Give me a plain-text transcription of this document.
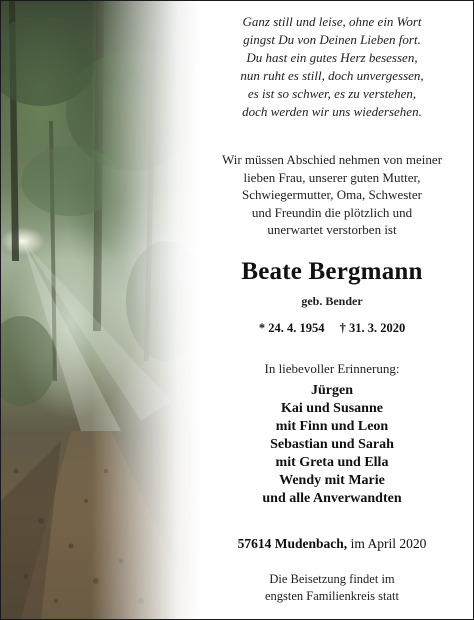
Ganz still und leise, ohne ein Wort
gingst Du von Deinen Lieben fort.
Du hast ein gutes Herz besessen,
nun ruht es still, doch unvergessen,
es ist so schwer, es zu verstehen,
doch werden wir uns wiedersehen.
Wir müssen Abschied nehmen von meiner
lieben Frau, unserer guten Mutter,
Schwiegermutter, Oma, Schwester
und Freundin die plötzlich und
unerwartet verstorben ist
Beate Bergmann
geb. Bender
* 24. 4. 1954 † 31. 3. 2020
In liebevoller Erinnerung:
Jürgen
Kai und Susanne
mit Finn und Leon
Sebastian und Sarah
mit Greta und Ella
Wendy mit Marie
und alle Anverwandten
57614 Mudenbach, im April 2020
Die Beisetzung findet im
engsten Familienkreis statt
